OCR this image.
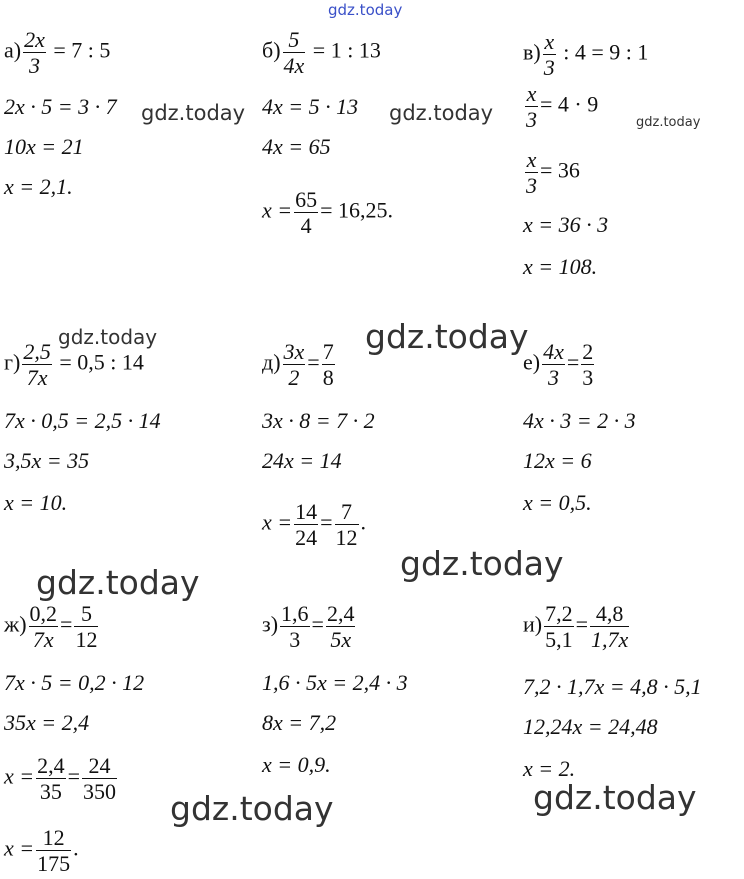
$а) \frac{2x}{3} = 7$ : 5
2x · 5 = 3 · 7
10x = 21
x = 2,1.
$б) \frac{5}{4x} = 1$ : 13
4x = 5 · 13
4x = 65
$x = \frac{65}{4} = 16,25$.
$в) \frac{x}{3}$ : 4 = 9 : 1
$\frac{x}{3} = 4 \cdot 9$
$\frac{x}{3} = 36$
x = 36 · 3
x = 108.
$г) \frac{2,5}{7x} = 0,5$ : 14
7x · 0,5 = 2,5 · 14
3,5x = 35
x = 10.
$д) \frac{3x}{2} = \frac{7}{8}$
3x · 8 = 7 · 2
24x = 14
$x = \frac{14}{24} = \frac{7}{12}$ .
$е) \frac{4x}{3} = \frac{2}{3}$
4x · 3 = 2 · 3
12x = 6
x = 0,5.
$ж) \frac{0,2}{7x} = \frac{5}{12}$
7x · 5 = 0,2 · 12
35x = 2,4
$x = \frac{2,4}{35} = \frac{24}{350}$
$x = \frac{12}{175}$ .
$з) \frac{1,6}{3} = \frac{2,4}{5x}$
1,6 · 5x = 2,4 · 3
8x = 7,2
x = 0,9.
$и) \frac{7,2}{5,1} = \frac{4,8}{1,7x}$
7,2 · 1,7x = 4,8 · 5,1
12,24x = 24,48
x = 2.
gdz.today
gdz.today	gdz.today	gdz.today
gdz.today	gdz.today
gdz.today
gdz.today
gdz.today	gdz.today
